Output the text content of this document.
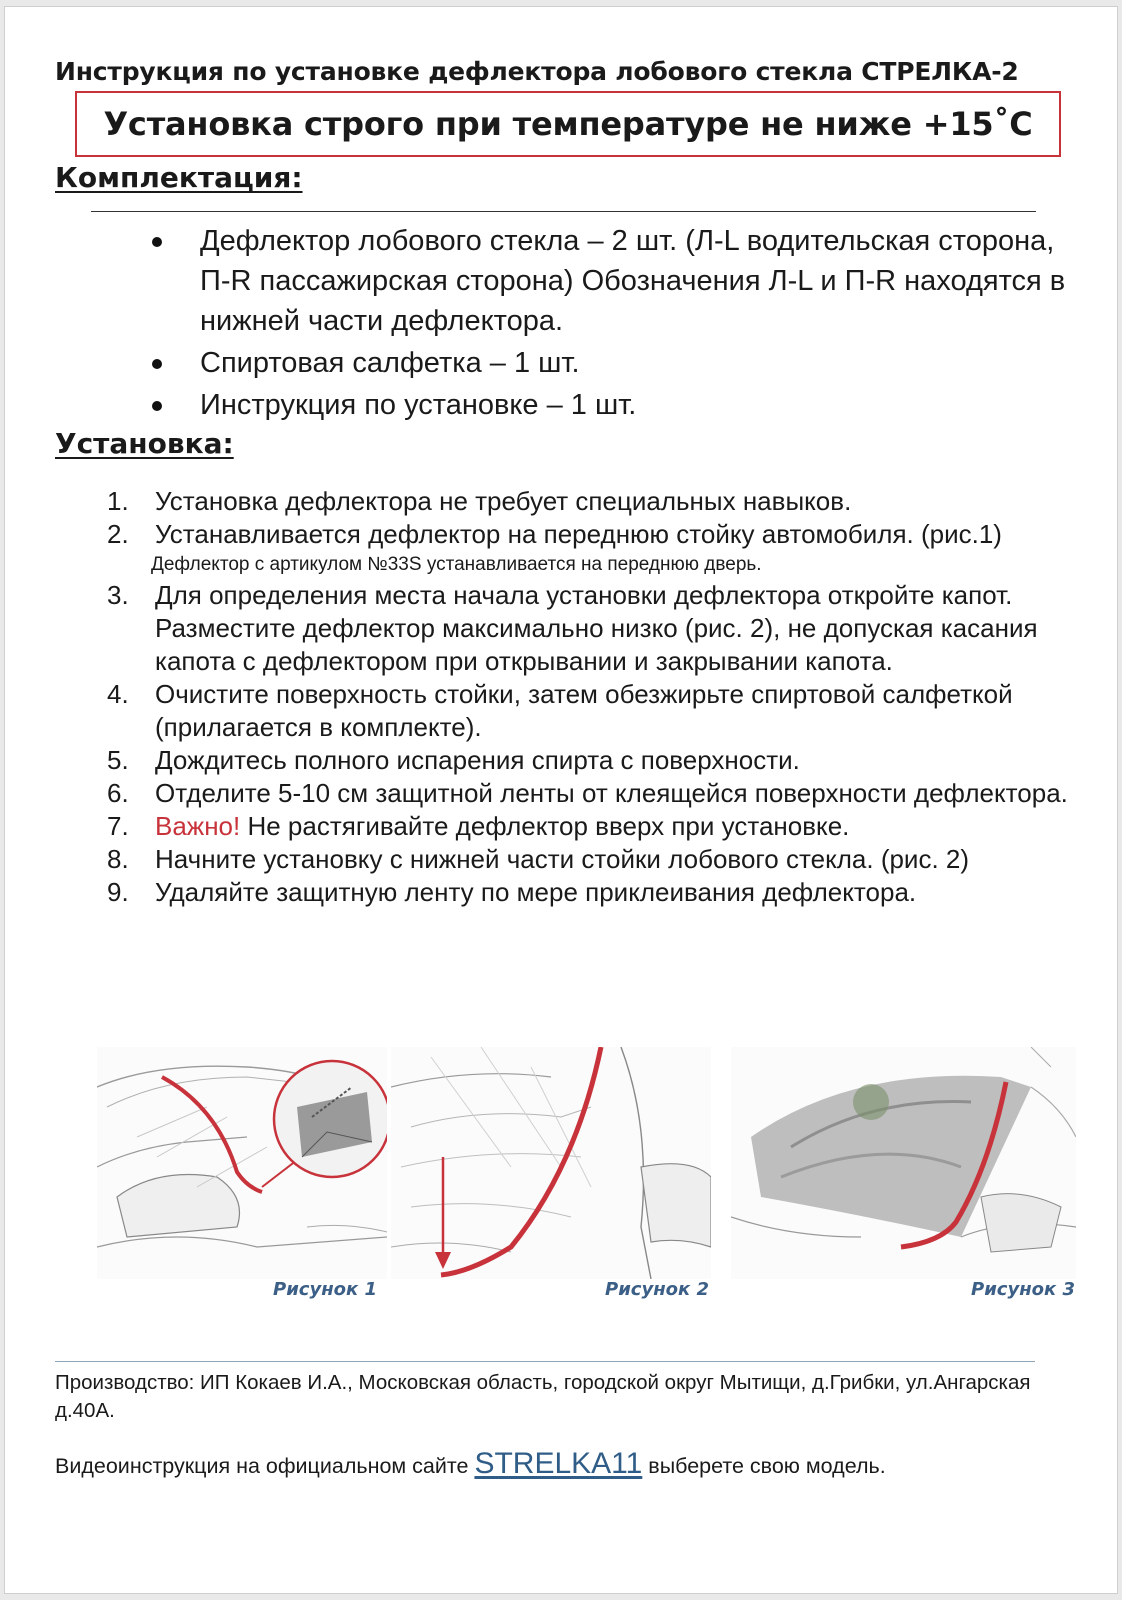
Инструкция по установке дефлектора лобового стекла СТРЕЛКА-2
Установка строго при температуре не ниже +15˚С
Комплектация:
Дефлектор лобового стекла – 2 шт. (Л-L водительская сторона, П-R пассажирская сторона) Обозначения Л-L и П-R находятся в нижней части дефлектора.
Спиртовая салфетка – 1 шт.
Инструкция по установке – 1 шт.
Установка:
1. Установка дефлектора не требует специальных навыков.
2. Устанавливается дефлектор на переднюю стойку автомобиля. (рис.1)
Дефлектор с артикулом №33S устанавливается на переднюю дверь.
3. Для определения места начала установки дефлектора откройте капот. Разместите дефлектор максимально низко (рис. 2), не допуская касания капота с дефлектором при открывании и закрывании капота.
4. Очистите поверхность стойки, затем обезжирьте спиртовой салфеткой (прилагается в комплекте).
5. Дождитесь полного испарения спирта с поверхности.
6. Отделите 5-10 см защитной ленты от клеящейся поверхности дефлектора.
7. Важно! Не растягивайте дефлектор вверх при установке.
8. Начните установку с нижней части стойки лобового стекла. (рис. 2)
9. Удаляйте защитную ленту по мере приклеивания дефлектора.
Рисунок 1	Рисунок 2	Рисунок 3
Производство: ИП Кокаев И.А., Московская область, городской округ Мытищи, д.Грибки, ул.Ангарская д.40А.
Видеоинструкция на официальном сайте STRELKA11 выберете свою модель.
